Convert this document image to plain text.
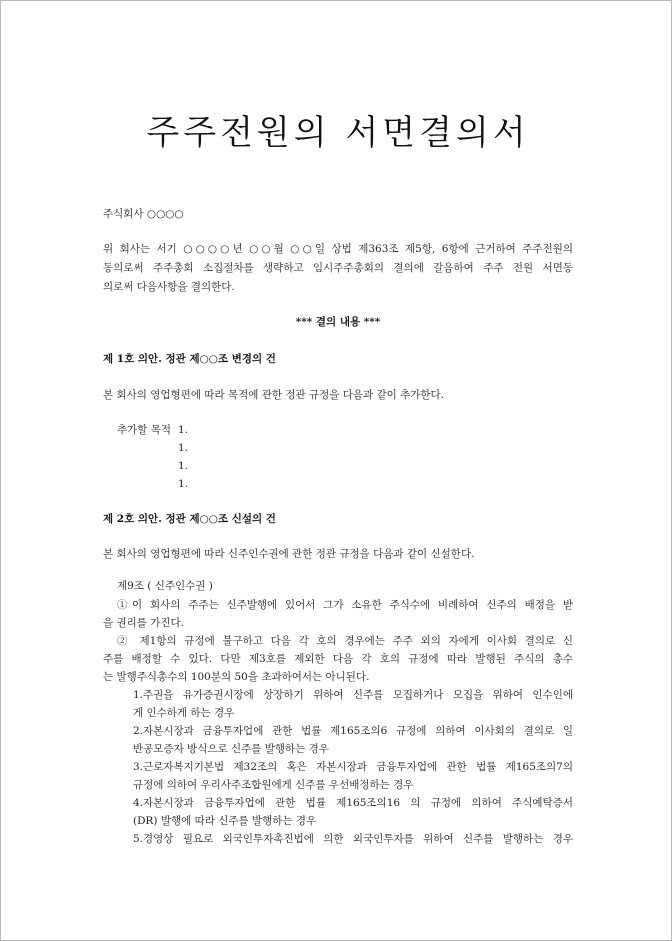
주주전원의 서면결의서
주식회사 ○○○○
위 회사는 서기 ○○○○년 ○○월 ○○일 상법 제363조 제5항, 6항에 근거하여 주주전원의
동의로써 주주총회 소집절차를 생략하고 임시주주총회의 결의에 갈음하여 주주 전원 서면동
의로써 다음사항을 결의한다.
*** 결의 내용 ***
제 1호 의안. 정관 제○○조 변경의 건
본 회사의 영업형편에 따라 목적에 관한 정관 규정을 다음과 같이 추가한다.
추가할 목적 1.
1.
1.
1.
제 2호 의안. 정관 제○○조 신설의 건
본 회사의 영업형편에 따라 신주인수권에 관한 정관 규정을 다음과 같이 신설한다.
제9조 ( 신주인수권 )
①이 회사의 주주는 신주발행에 있어서 그가 소유한 주식수에 비례하여 신주의 배정을 받
을 권리를 가진다.
② 제1항의 규정에 불구하고 다음 각 호의 경우에는 주주 외의 자에게 이사회 결의로 신
주를 배정할 수 있다. 다만 제3호를 제외한 다음 각 호의 규정에 따라 발행된 주식의 총수
는 발행주식총수의 100분의 50을 초과하여서는 아니된다.
1.주권을 유가증권시장에 상장하기 위하여 신주를 모집하거나 모집을 위하여 인수인에
게 인수하게 하는 경우
2.자본시장과 금융투자업에 관한 법률 제165조의6 규정에 의하여 이사회의 결의로 일
반공모증자 방식으로 신주를 발행하는 경우
3.근로자복지기본법 제32조의 혹은 자본시장과 금융투자업에 관한 법률 제165조의7의
규정에 의하여 우리사주조합원에게 신주를 우선배정하는 경우
4.자본시장과 금융투자업에 관한 법률 제165조의16 의 규정에 의하여 주식예탁증서
(DR) 발행에 따라 신주를 발행하는 경우
5.경영상 필요로 외국인투자촉진법에 의한 외국인투자를 위하여 신주를 발행하는 경우
